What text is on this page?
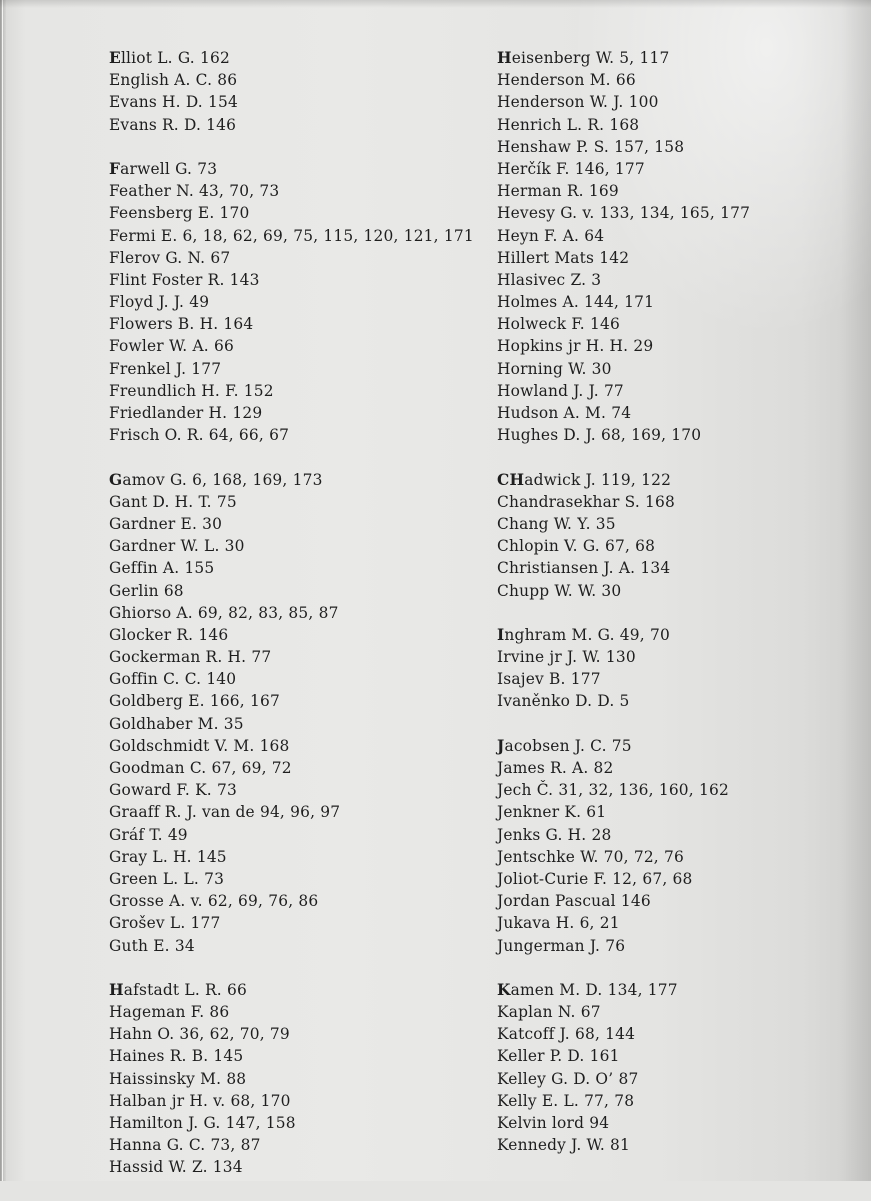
Elliot L. G. 162
English A. C. 86
Evans H. D. 154
Evans R. D. 146
Farwell G. 73
Feather N. 43, 70, 73
Feensberg E. 170
Fermi E. 6, 18, 62, 69, 75, 115, 120, 121, 171
Flerov G. N. 67
Flint Foster R. 143
Floyd J. J. 49
Flowers B. H. 164
Fowler W. A. 66
Frenkel J. 177
Freundlich H. F. 152
Friedlander H. 129
Frisch O. R. 64, 66, 67
Gamov G. 6, 168, 169, 173
Gant D. H. T. 75
Gardner E. 30
Gardner W. L. 30
Geffin A. 155
Gerlin 68
Ghiorso A. 69, 82, 83, 85, 87
Glocker R. 146
Gockerman R. H. 77
Goffin C. C. 140
Goldberg E. 166, 167
Goldhaber M. 35
Goldschmidt V. M. 168
Goodman C. 67, 69, 72
Goward F. K. 73
Graaff R. J. van de 94, 96, 97
Gráf T. 49
Gray L. H. 145
Green L. L. 73
Grosse A. v. 62, 69, 76, 86
Grošev L. 177
Guth E. 34
Hafstadt L. R. 66
Hageman F. 86
Hahn O. 36, 62, 70, 79
Haines R. B. 145
Haissinsky M. 88
Halban jr H. v. 68, 170
Hamilton J. G. 147, 158
Hanna G. C. 73, 87
Hassid W. Z. 134
Heisenberg W. 5, 117
Henderson M. 66
Henderson W. J. 100
Henrich L. R. 168
Henshaw P. S. 157, 158
Herčík F. 146, 177
Herman R. 169
Hevesy G. v. 133, 134, 165, 177
Heyn F. A. 64
Hillert Mats 142
Hlasivec Z. 3
Holmes A. 144, 171
Holweck F. 146
Hopkins jr H. H. 29
Horning W. 30
Howland J. J. 77
Hudson A. M. 74
Hughes D. J. 68, 169, 170
CHadwick J. 119, 122
Chandrasekhar S. 168
Chang W. Y. 35
Chlopin V. G. 67, 68
Christiansen J. A. 134
Chupp W. W. 30
Inghram M. G. 49, 70
Irvine jr J. W. 130
Isajev B. 177
Ivaněnko D. D. 5
Jacobsen J. C. 75
James R. A. 82
Jech Č. 31, 32, 136, 160, 162
Jenkner K. 61
Jenks G. H. 28
Jentschke W. 70, 72, 76
Joliot-Curie F. 12, 67, 68
Jordan Pascual 146
Jukava H. 6, 21
Jungerman J. 76
Kamen M. D. 134, 177
Kaplan N. 67
Katcoff J. 68, 144
Keller P. D. 161
Kelley G. D. O’ 87
Kelly E. L. 77, 78
Kelvin lord 94
Kennedy J. W. 81
